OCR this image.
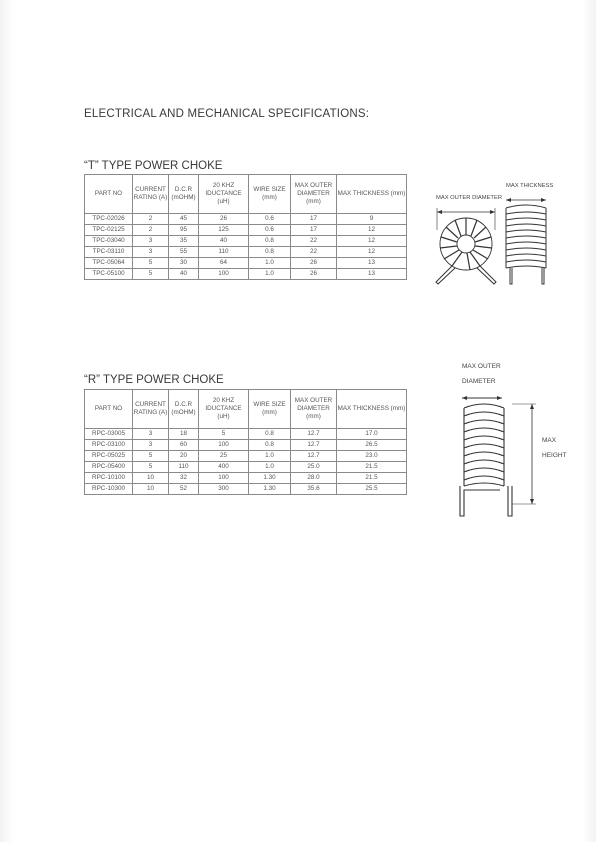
ELECTRICAL AND MECHANICAL SPECIFICATIONS:
“T” TYPE POWER CHOKE
PART NO	CURRENT RATING (A)	D.C.R (mOHM)	20 KHZ IDUCTANCE (uH)	WIRE SIZE (mm)	MAX OUTER DIAMETER (mm)	MAX THICKNESS (mm)
TPC-02026	2	45	26	0.6	17	9
TPC-02125	2	95	125	0.6	17	12
TPC-03040	3	35	40	0.8	22	12
TPC-03110	3	55	110	0.8	22	12
TPC-05064	5	30	64	1.0	26	13
TPC-05100	5	40	100	1.0	26	13
MAX OUTER DIAMETER
MAX THICKNESS
“R” TYPE POWER CHOKE
PART NO	CURRENT RATING (A)	D.C.R (mOHM)	20 KHZ IDUCTANCE (uH)	WIRE SIZE (mm)	MAX OUTER DIAMETER (mm)	MAX THICKNESS (mm)
RPC-03005	3	18	5	0.8	12.7	17.0
RPC-03100	3	60	100	0.8	12.7	26.5
RPC-05025	5	20	25	1.0	12.7	23.0
RPC-05400	5	110	400	1.0	25.0	21.5
RPC-10100	10	32	100	1.30	28.0	21.5
RPC-10300	10	52	300	1.30	35.6	25.5
MAX OUTER
DIAMETER
MAX
HEIGHT
